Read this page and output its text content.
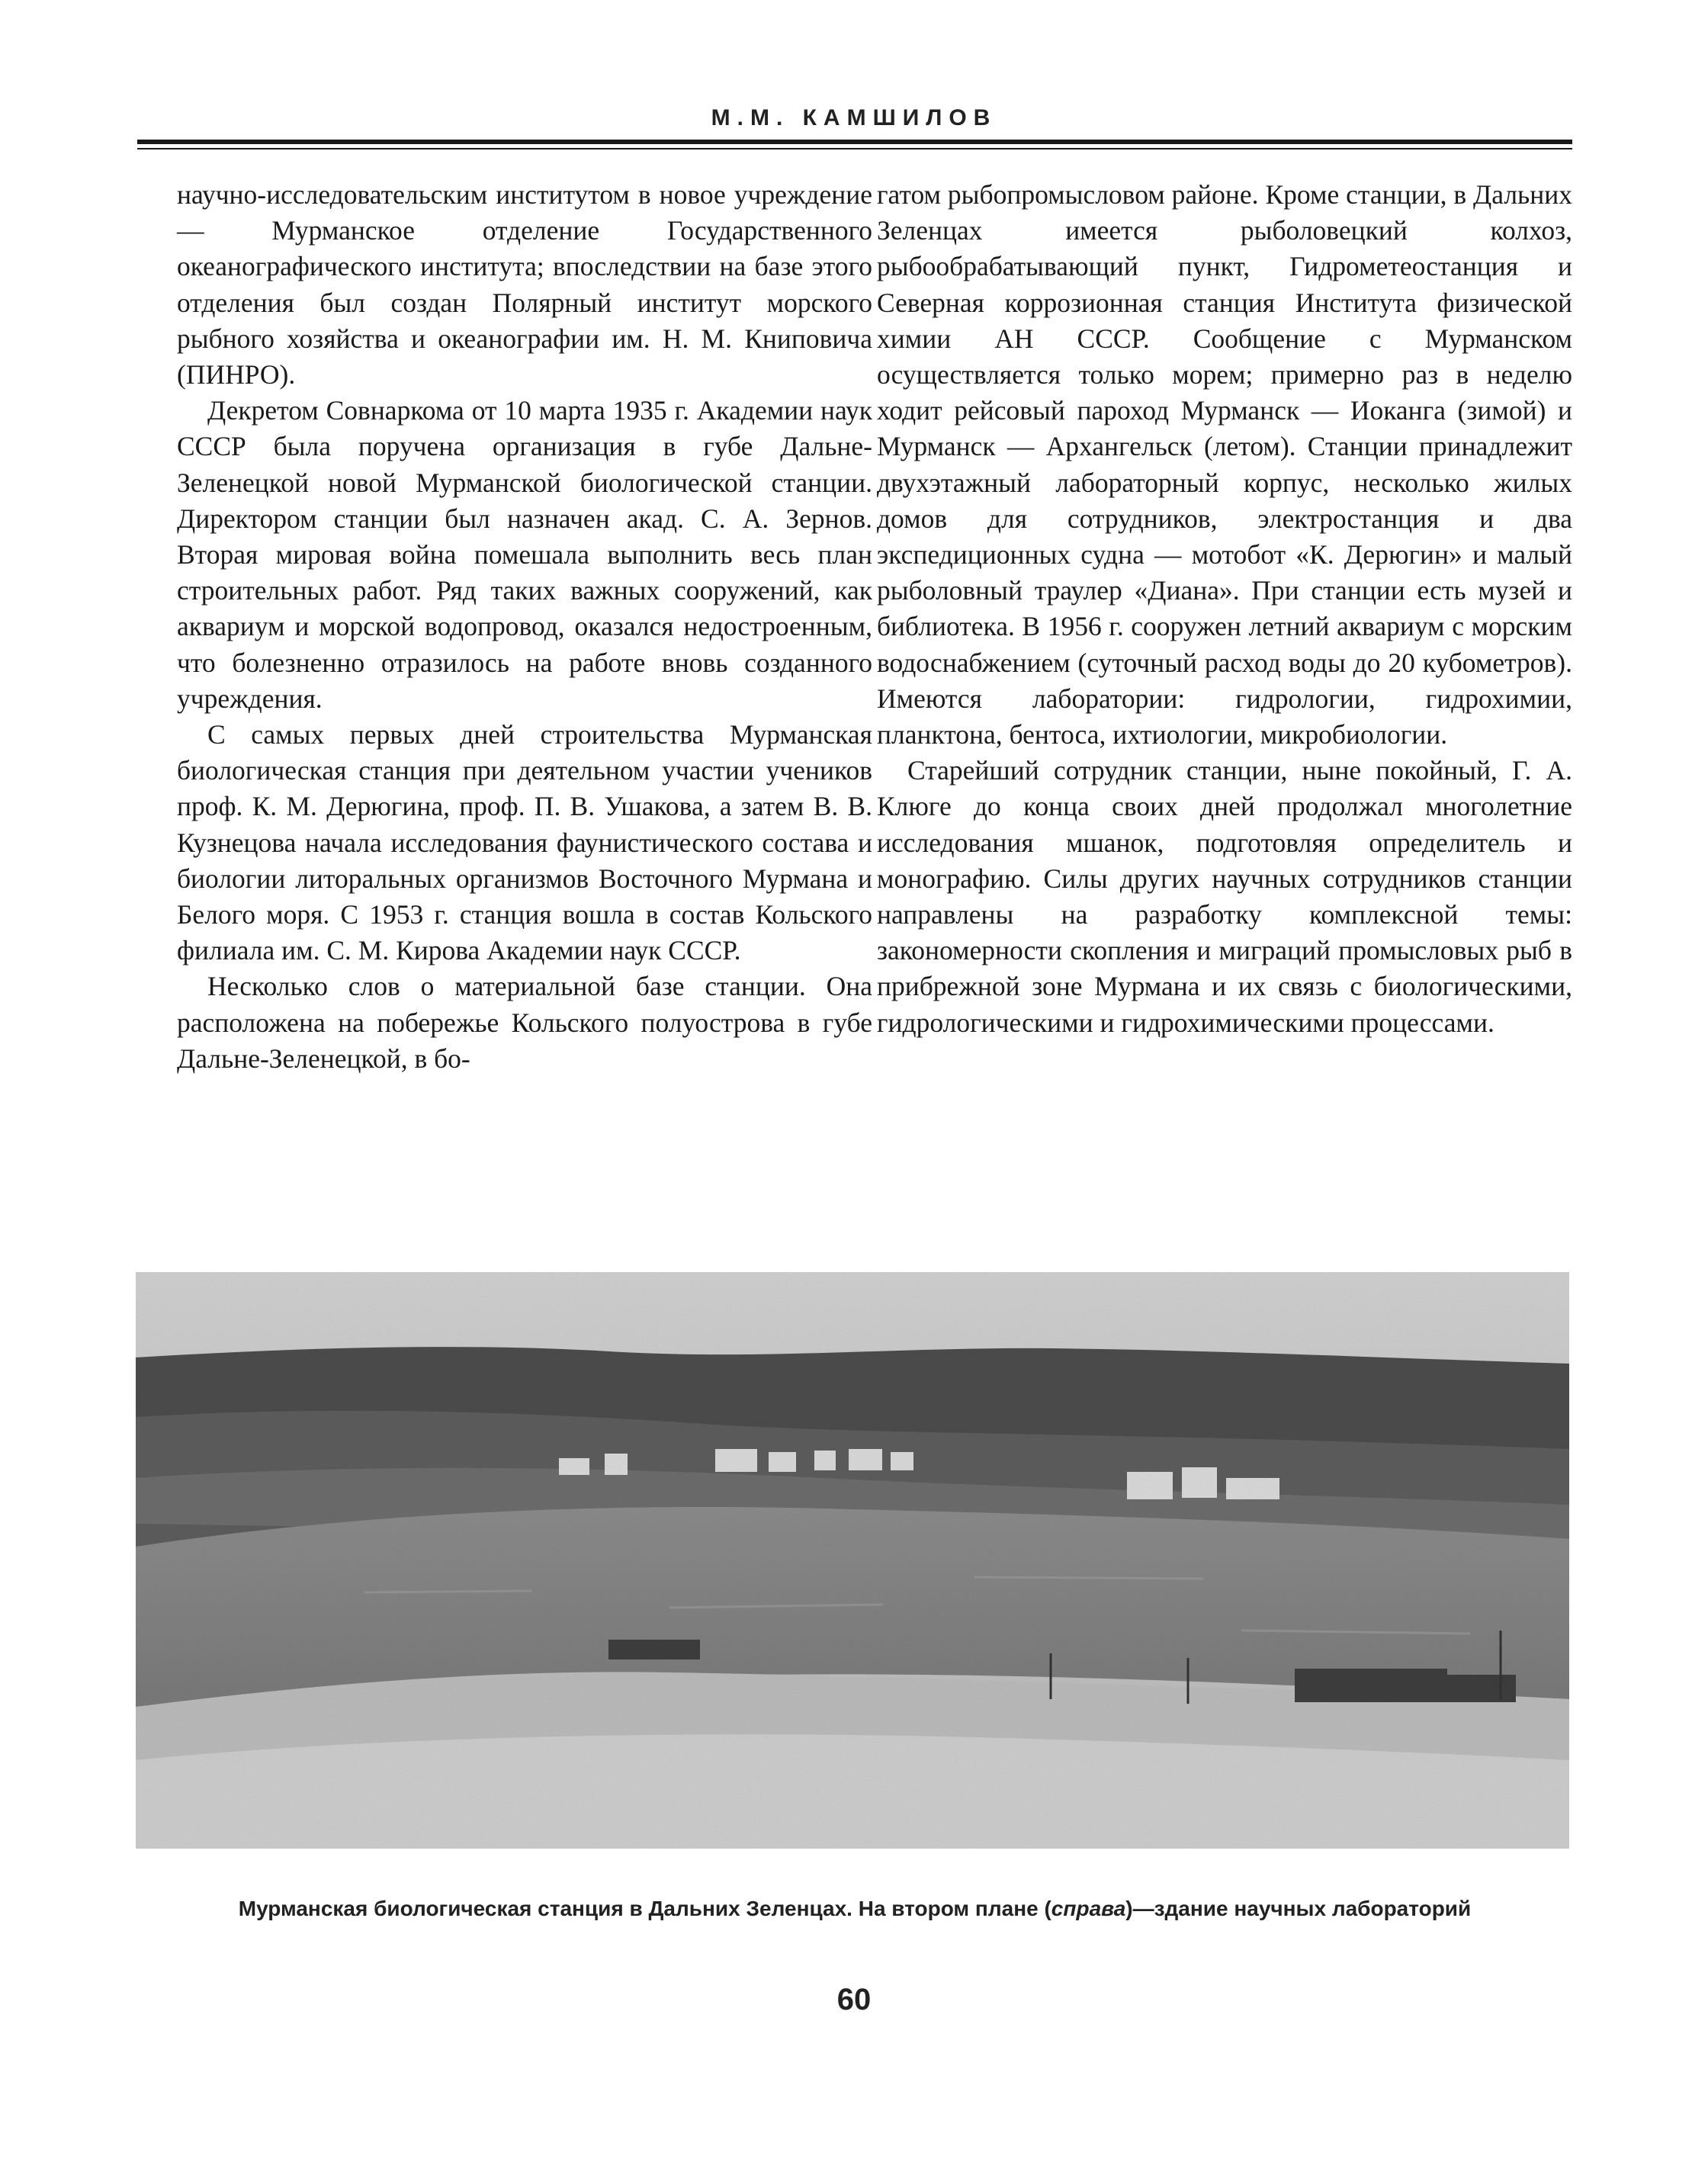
М.М. КАМШИЛОВ

научно-исследовательским институтом в новое учреждение — Мурманское отделение Государственного океанографического института; впоследствии на базе этого отделения был создан Полярный институт морского рыбного хозяйства и океанографии им. Н. М. Книповича (ПИНРО).

Декретом Совнаркома от 10 марта 1935 г. Академии наук СССР была поручена организация в губе Дальне-Зеленецкой новой Мурманской биологической станции. Директором станции был назначен акад. С. А. Зернов. Вторая мировая война помешала выполнить весь план строительных работ. Ряд таких важных сооружений, как аквариум и морской водопровод, оказался недостроенным, что болезненно отразилось на работе вновь созданного учреждения.

С самых первых дней строительства Мурманская биологическая станция при деятельном участии учеников проф. К. М. Дерюгина, проф. П. В. Ушакова, а затем В. В. Кузнецова начала исследования фаунистического состава и биологии литоральных организмов Восточного Мурмана и Белого моря. С 1953 г. станция вошла в состав Кольского филиала им. С. М. Кирова Академии наук СССР.

Несколько слов о материальной базе станции. Она расположена на побережье Кольского полуострова в губе Дальне-Зеленецкой, в бо-

гатом рыбопромысловом районе. Кроме станции, в Дальних Зеленцах имеется рыболовецкий колхоз, рыбообрабатывающий пункт, Гидрометеостанция и Северная коррозионная станция Института физической химии АН СССР. Сообщение с Мурманском осуществляется только морем; примерно раз в неделю ходит рейсовый пароход Мурманск — Иоканга (зимой) и Мурманск — Архангельск (летом). Станции принадлежит двухэтажный лабораторный корпус, несколько жилых домов для сотрудников, электростанция и два экспедиционных судна — мотобот «К. Дерюгин» и малый рыболовный траулер «Диана». При станции есть музей и библиотека. В 1956 г. сооружен летний аквариум с морским водоснабжением (суточный расход воды до 20 кубометров). Имеются лаборатории: гидрологии, гидрохимии, планктона, бентоса, ихтиологии, микробиологии.

Старейший сотрудник станции, ныне покойный, Г. А. Клюге до конца своих дней продолжал многолетние исследования мшанок, подготовляя определитель и монографию. Силы других научных сотрудников станции направлены на разработку комплексной темы: закономерности скопления и миграций промысловых рыб в прибрежной зоне Мурмана и их связь с биологическими, гидрологическими и гидрохимическими процессами.

Мурманская биологическая станция в Дальних Зеленцах. На втором плане (справа)—здание научных лабораторий
60
